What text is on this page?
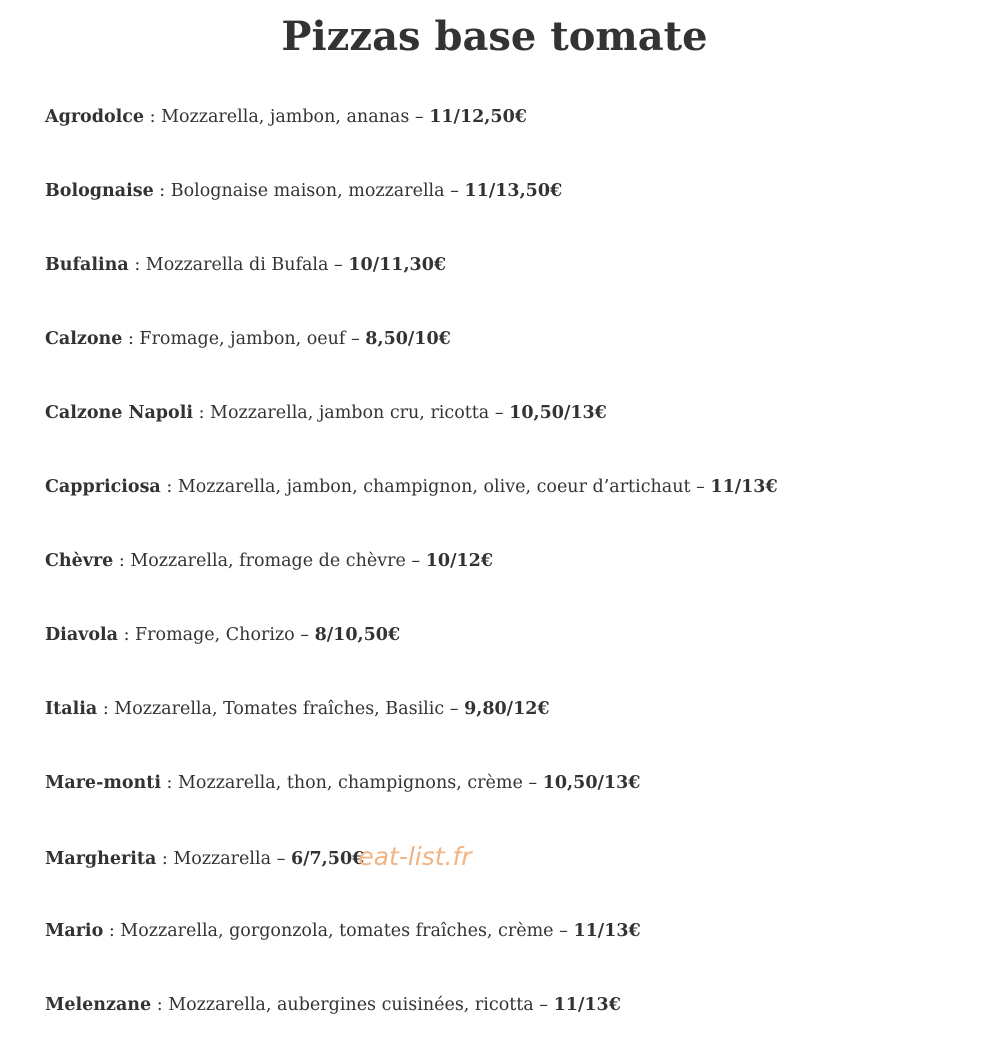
Pizzas base tomate
Agrodolce : Mozzarella, jambon, ananas – 11/12,50€
Bolognaise : Bolognaise maison, mozzarella – 11/13,50€
Bufalina : Mozzarella di Bufala – 10/11,30€
Calzone : Fromage, jambon, oeuf – 8,50/10€
Calzone Napoli : Mozzarella, jambon cru, ricotta – 10,50/13€
Cappriciosa : Mozzarella, jambon, champignon, olive, coeur d’artichaut – 11/13€
Chèvre : Mozzarella, fromage de chèvre – 10/12€
Diavola : Fromage, Chorizo – 8/10,50€
Italia : Mozzarella, Tomates fraîches, Basilic – 9,80/12€
Mare-monti : Mozzarella, thon, champignons, crème – 10,50/13€
Margherita : Mozzarella – 6/7,50€eat-list.fr
Mario : Mozzarella, gorgonzola, tomates fraîches, crème – 11/13€
Melenzane : Mozzarella, aubergines cuisinées, ricotta – 11/13€
